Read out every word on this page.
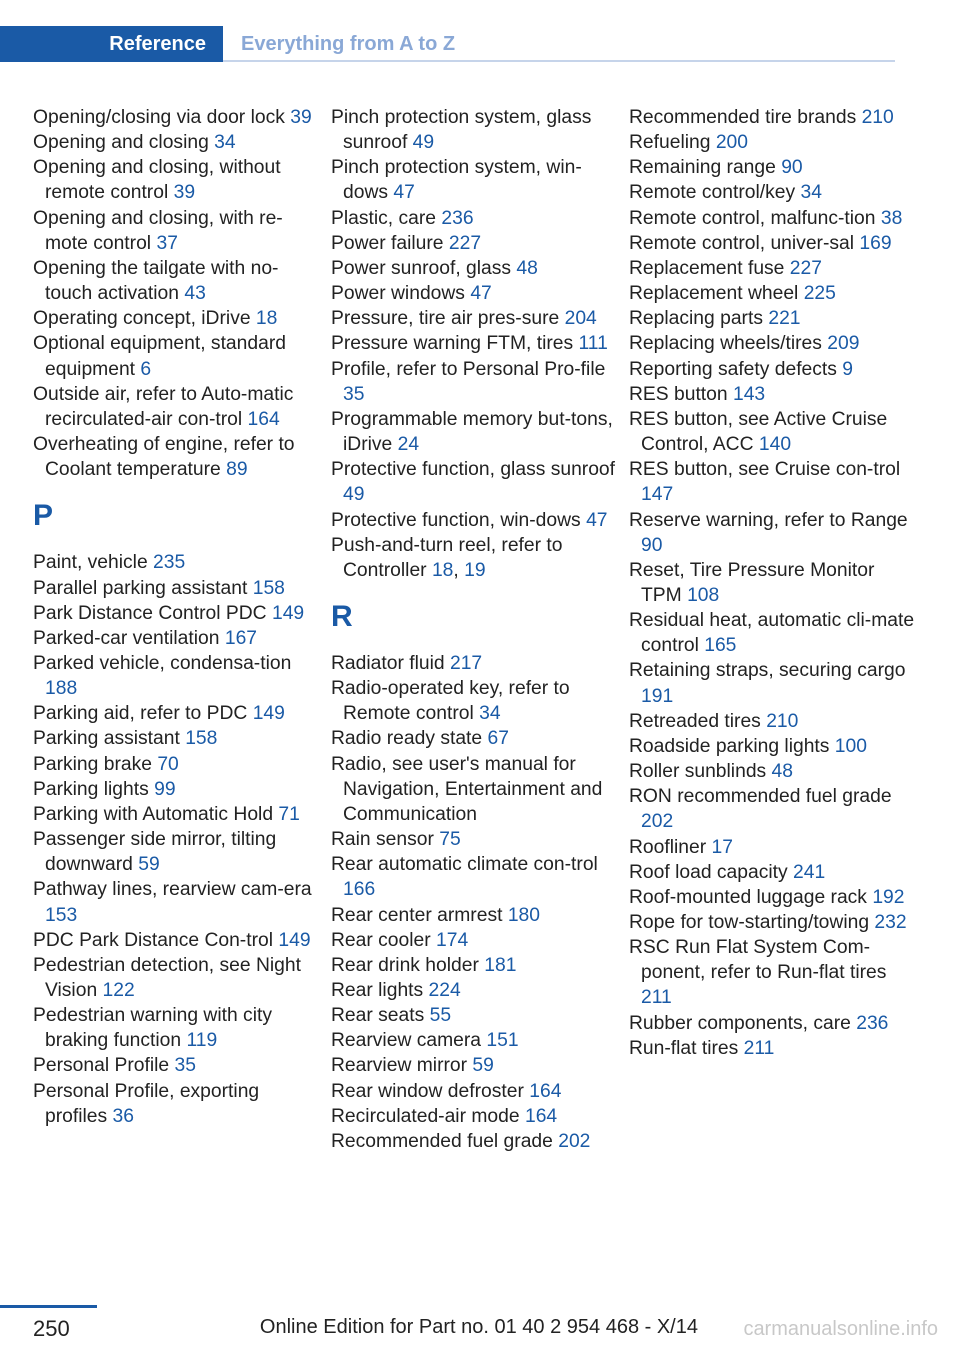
Reference	Everything from A to Z
Opening/closing via door lock 39
Opening and closing 34
Opening and closing, without remote control 39
Opening and closing, with re-mote control 37
Opening the tailgate with no-touch activation 43
Operating concept, iDrive 18
Optional equipment, standard equipment 6
Outside air, refer to Auto-matic recirculated-air con-trol 164
Overheating of engine, refer to Coolant temperature 89
P
Paint, vehicle 235
Parallel parking assistant 158
Park Distance Control PDC 149
Parked-car ventilation 167
Parked vehicle, condensa-tion 188
Parking aid, refer to PDC 149
Parking assistant 158
Parking brake 70
Parking lights 99
Parking with Automatic Hold 71
Passenger side mirror, tilting downward 59
Pathway lines, rearview cam-era 153
PDC Park Distance Con-trol 149
Pedestrian detection, see Night Vision 122
Pedestrian warning with city braking function 119
Personal Profile 35
Personal Profile, exporting profiles 36
Pinch protection system, glass sunroof 49
Pinch protection system, win-dows 47
Plastic, care 236
Power failure 227
Power sunroof, glass 48
Power windows 47
Pressure, tire air pres-sure 204
Pressure warning FTM, tires 111
Profile, refer to Personal Pro-file 35
Programmable memory but-tons, iDrive 24
Protective function, glass sunroof 49
Protective function, win-dows 47
Push-and-turn reel, refer to Controller 18, 19
R
Radiator fluid 217
Radio-operated key, refer to Remote control 34
Radio ready state 67
Radio, see user's manual for Navigation, Entertainment and Communication
Rain sensor 75
Rear automatic climate con-trol 166
Rear center armrest 180
Rear cooler 174
Rear drink holder 181
Rear lights 224
Rear seats 55
Rearview camera 151
Rearview mirror 59
Rear window defroster 164
Recirculated-air mode 164
Recommended fuel grade 202
Recommended tire brands 210
Refueling 200
Remaining range 90
Remote control/key 34
Remote control, malfunc-tion 38
Remote control, univer-sal 169
Replacement fuse 227
Replacement wheel 225
Replacing parts 221
Replacing wheels/tires 209
Reporting safety defects 9
RES button 143
RES button, see Active Cruise Control, ACC 140
RES button, see Cruise con-trol 147
Reserve warning, refer to Range 90
Reset, Tire Pressure Monitor TPM 108
Residual heat, automatic cli-mate control 165
Retaining straps, securing cargo 191
Retreaded tires 210
Roadside parking lights 100
Roller sunblinds 48
RON recommended fuel grade 202
Roofliner 17
Roof load capacity 241
Roof-mounted luggage rack 192
Rope for tow-starting/towing 232
RSC Run Flat System Com-ponent, refer to Run-flat tires 211
Rubber components, care 236
Run-flat tires 211
250	Online Edition for Part no. 01 40 2 954 468 - X/14 carmanualsonline.info
